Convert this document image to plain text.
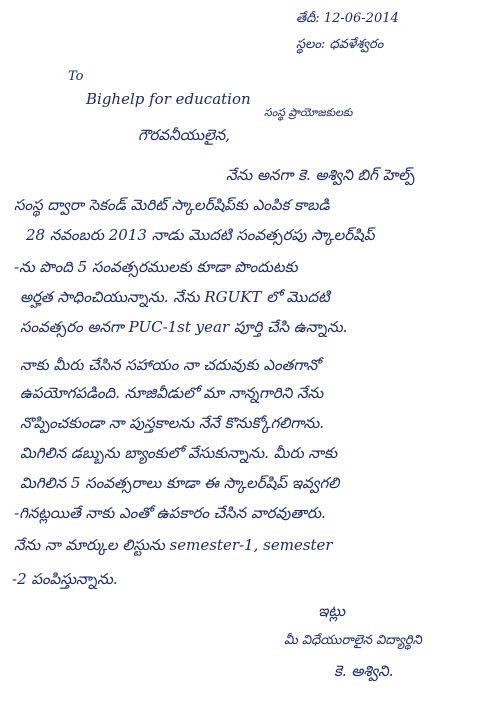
తేదీ: 12-06-2014
స్థలం: ధవళేశ్వరం
To
Bighelp for education
సంస్థ ప్రాయోజకులకు
గౌరవనీయులైన,
నేను అనగా కె. అశ్విని బిగ్ హెల్ప్
సంస్థ ద్వారా సెకండ్ మెరిట్ స్కాలర్‌షిప్‌కు ఎంపిక కాబడి
28 నవంబరు 2013 నాడు మొదటి సంవత్సరపు స్కాలర్‌షిప్
-ను పొంది 5 సంవత్సరములకు కూడా పొందుటకు
అర్హత సాధించియున్నాను. నేను RGUKT లో మొదటి
సంవత్సరం అనగా PUC-1st year పూర్తి చేసి ఉన్నాను.
నాకు మీరు చేసిన సహాయం నా చదువుకు ఎంతగానో
ఉపయోగపడింది. నూజివీడులో మా నాన్నగారిని నేను
నొప్పించకుండా నా పుస్తకాలను నేనే కొనుక్కోగలిగాను.
మిగిలిన డబ్బును బ్యాంకులో వేసుకున్నాను. మీరు నాకు
మిగిలిన 5 సంవత్సరాలు కూడా ఈ స్కాలర్‌షిప్ ఇవ్వగలి
-గినట్లయితే నాకు ఎంతో ఉపకారం చేసిన వారవుతారు.
నేను నా మార్కుల లిస్టును semester-1, semester
-2 పంపిస్తున్నాను.
ఇట్లు
మీ విధేయురాలైన విద్యార్థిని
కె. అశ్విని.
